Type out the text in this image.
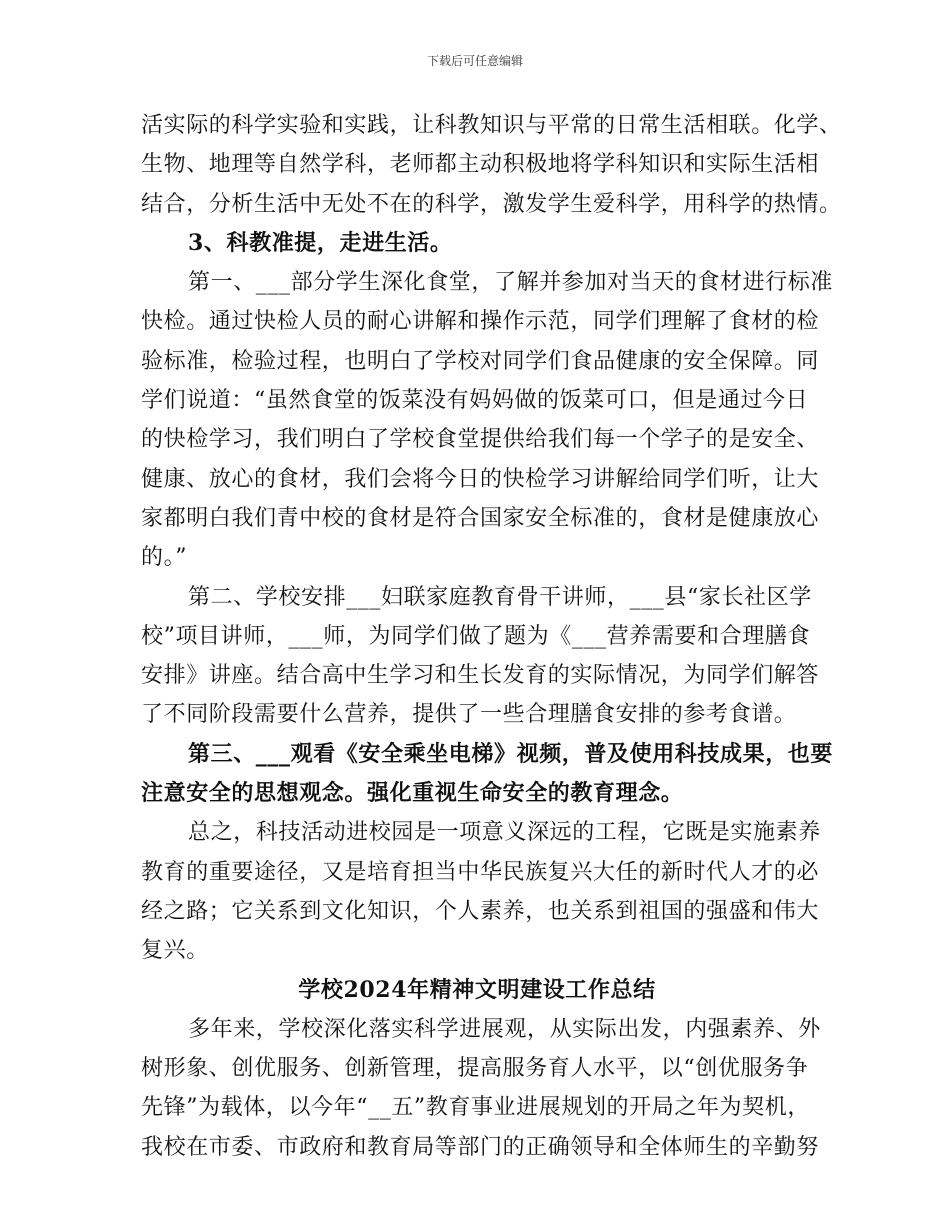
下载后可任意编辑
活实际的科学实验和实践，让科教知识与平常的日常生活相联。化学、
生物、地理等自然学科，老师都主动积极地将学科知识和实际生活相
结合，分析生活中无处不在的科学，激发学生爱科学，用科学的热情。
3、科教准提，走进生活。
第一、___部分学生深化食堂，了解并参加对当天的食材进行标准
快检。通过快检人员的耐心讲解和操作示范，同学们理解了食材的检
验标准，检验过程，也明白了学校对同学们食品健康的安全保障。同
学们说道：“虽然食堂的饭菜没有妈妈做的饭菜可口，但是通过今日
的快检学习，我们明白了学校食堂提供给我们每一个学子的是安全、
健康、放心的食材，我们会将今日的快检学习讲解给同学们听，让大
家都明白我们青中校的食材是符合国家安全标准的，食材是健康放心
的。”
第二、学校安排___妇联家庭教育骨干讲师，___县“家长社区学
校”项目讲师，___师，为同学们做了题为《___营养需要和合理膳食
安排》讲座。结合高中生学习和生长发育的实际情况，为同学们解答
了不同阶段需要什么营养，提供了一些合理膳食安排的参考食谱。
第三、___观看《安全乘坐电梯》视频，普及使用科技成果，也要
注意安全的思想观念。强化重视生命安全的教育理念。
总之，科技活动进校园是一项意义深远的工程，它既是实施素养
教育的重要途径，又是培育担当中华民族复兴大任的新时代人才的必
经之路；它关系到文化知识，个人素养，也关系到祖国的强盛和伟大
复兴。
学校2024年精神文明建设工作总结
多年来，学校深化落实科学进展观，从实际出发，内强素养、外
树形象、创优服务、创新管理，提高服务育人水平，以“创优服务争
先锋”为载体，以今年“__五”教育事业进展规划的开局之年为契机，
我校在市委、市政府和教育局等部门的正确领导和全体师生的辛勤努
